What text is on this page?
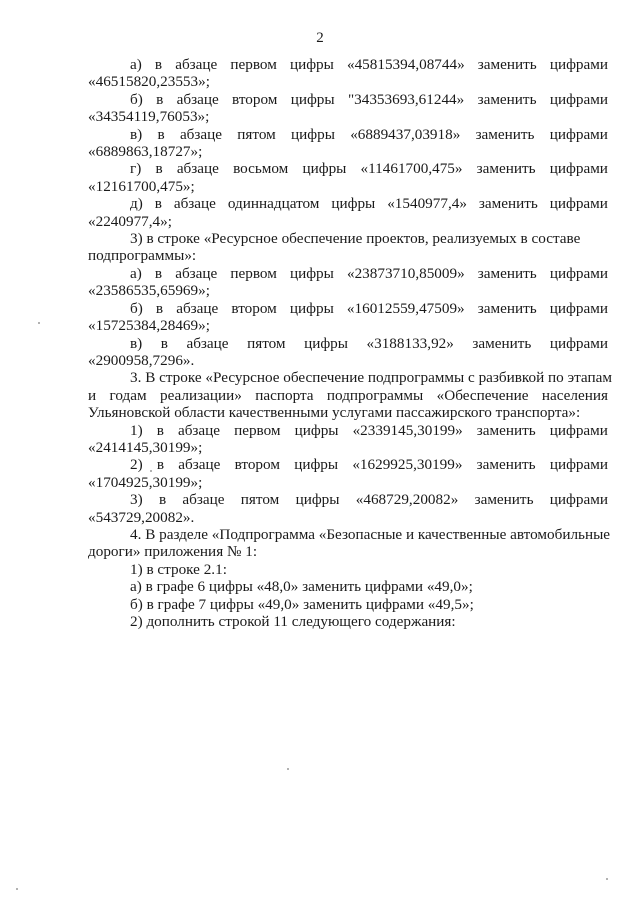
2
а) в абзаце первом цифры «45815394,08744» заменить цифрами
«46515820,23553»;
б) в абзаце втором цифры "34353693,61244» заменить цифрами
«34354119,76053»;
в) в абзаце пятом цифры «6889437,03918» заменить цифрами
«6889863,18727»;
г) в абзаце восьмом цифры «11461700,475» заменить цифрами
«12161700,475»;
д) в абзаце одиннадцатом цифры «1540977,4» заменить цифрами
«2240977,4»;
3) в строке «Ресурсное обеспечение проектов, реализуемых в составе
подпрограммы»:
а) в абзаце первом цифры «23873710,85009» заменить цифрами
«23586535,65969»;
б) в абзаце втором цифры «16012559,47509» заменить цифрами
«15725384,28469»;
в) в абзаце пятом цифры «3188133,92» заменить цифрами
«2900958,7296».
3. В строке «Ресурсное обеспечение подпрограммы с разбивкой по этапам
и годам реализации» паспорта подпрограммы «Обеспечение населения
Ульяновской области качественными услугами пассажирского транспорта»:
1) в абзаце первом цифры «2339145,30199» заменить цифрами
«2414145,30199»;
2) в абзаце втором цифры «1629925,30199» заменить цифрами
«1704925,30199»;
3) в абзаце пятом цифры «468729,20082» заменить цифрами
«543729,20082».
4. В разделе «Подпрограмма «Безопасные и качественные автомобильные
дороги» приложения № 1:
1) в строке 2.1:
а) в графе 6 цифры «48,0» заменить цифрами «49,0»;
б) в графе 7 цифры «49,0» заменить цифрами «49,5»;
2) дополнить строкой 11 следующего содержания:
